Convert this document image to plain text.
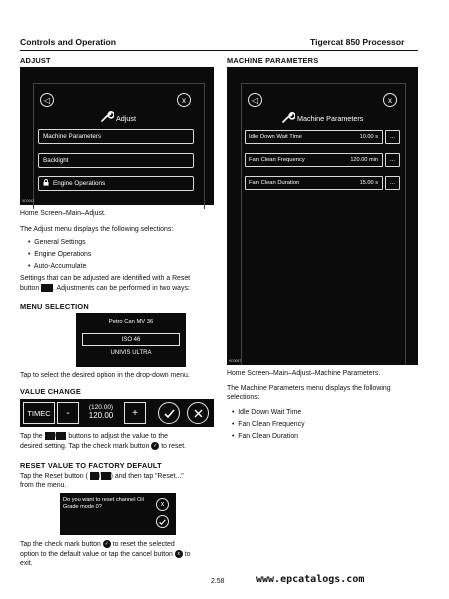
Controls and Operation	Tigercat 850 Processor
ADJUST
◁	x
Adjust
Machine Parameters
Backlight
Engine Operations
9C0042
Home Screen–Main–Adjust.
The Adjust menu displays the following selections:
•  General Settings
•  Engine Operations
•  Auto-Accumulate
Settings that can be adjusted are identified with a Reset
button . Adjustments can be performed in two ways:
MENU SELECTION
Petro Can MV 36
ISO 46
UNIVIS ULTRA
Tap to select the desired option in the drop-down menu.
VALUE CHANGE
TIMEC -	(120.00)
120.00	+
Tap the	buttons to adjust the value to the
desired setting. Tap the check mark button ✓ to reset.
RESET VALUE TO FACTORY DEFAULT
Tap the Reset button (	) and then tap "Reset..."
from the menu.
Do you want to reset channel Oil Grade mode 0?	x
Tap the check mark button ✓ to reset the selected
option to the default value or tap the cancel button x to
exit.
MACHINE PARAMETERS
◁	x
Machine Parameters
Idle Down Wait Time	10.00 s ...
Fan Clean Frequency	120.00 min ...
Fan Clean Duration	15.00 s ...
9C0087
Home Screen–Main–Adjust–Machine Parameters.
The Machine Parameters menu displays the following selections:
•  Idle Down Wait Time
•  Fan Clean Frequency
•  Fan Clean Duration
2.58	www.epcatalogs.com
